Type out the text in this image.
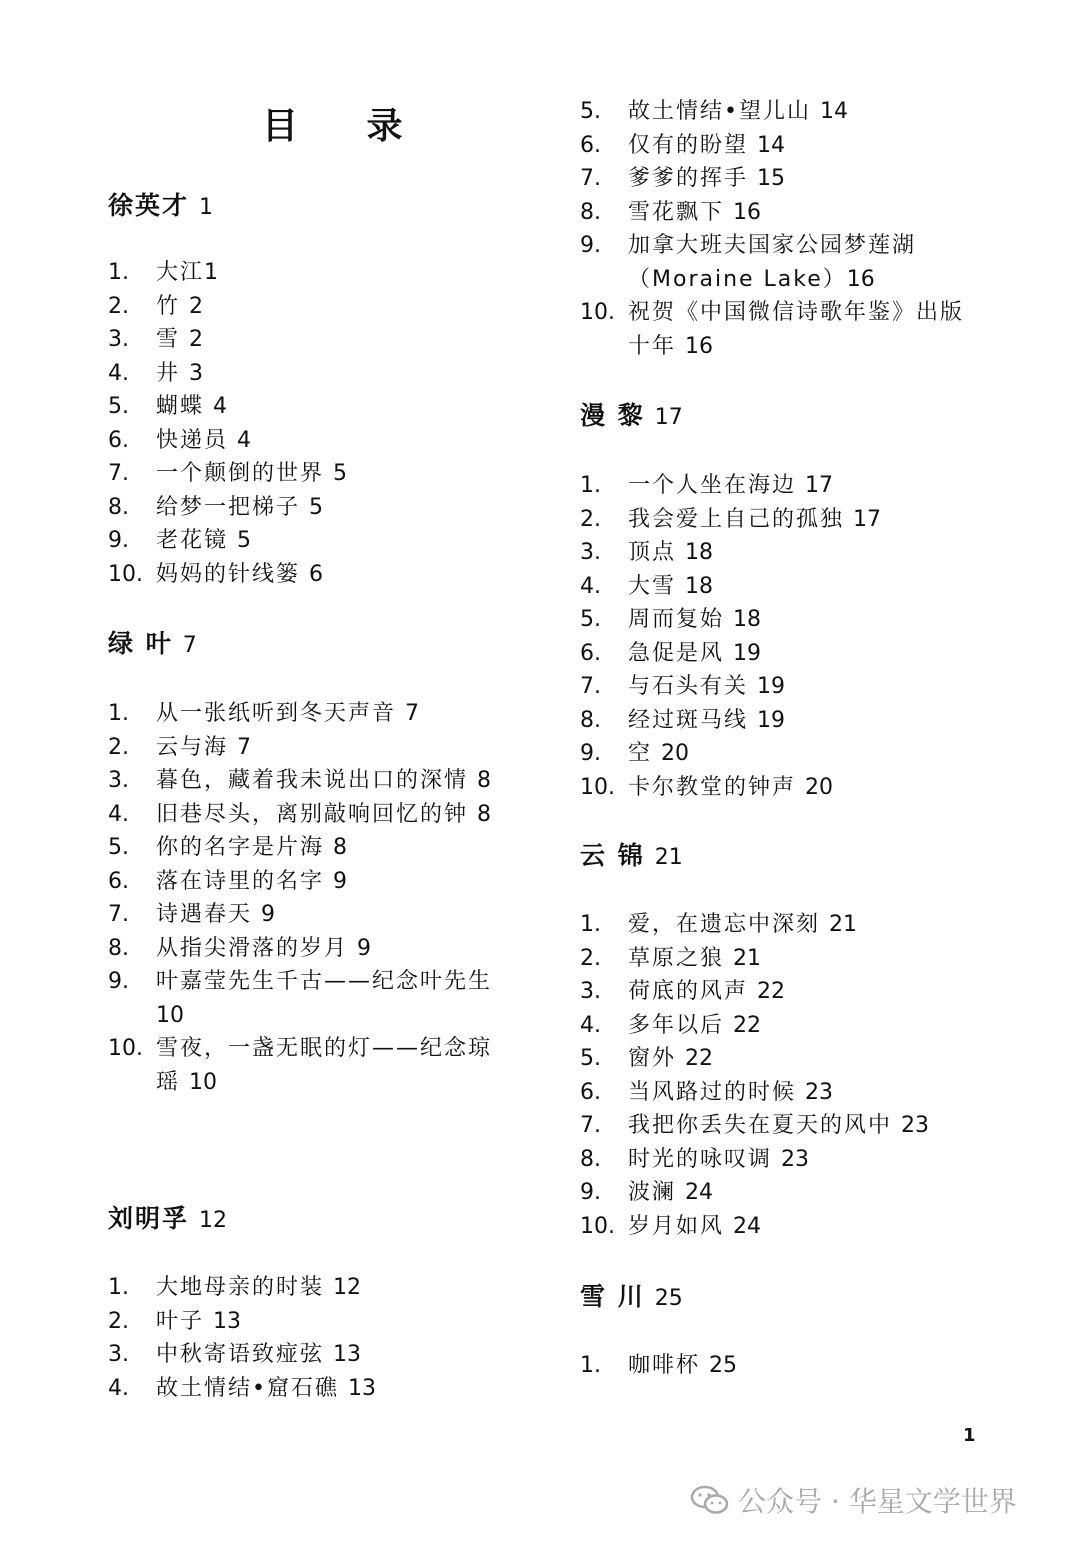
目 录
徐英才 1
1.	大江1
2.	竹 2
3.	雪 2
4.	井 3
5.	蝴蝶 4
6.	快递员 4
7.	一个颠倒的世界 5
8.	给梦一把梯子 5
9.	老花镜 5
10. 妈妈的针线篓 6
绿 叶 7
1.	从一张纸听到冬天声音 7
2.	云与海 7
3.	暮色，藏着我未说出口的深情 8
4.	旧巷尽头，离别敲响回忆的钟 8
5.	你的名字是片海 8
6.	落在诗里的名字 9
7.	诗遇春天 9
8.	从指尖滑落的岁月 9
9.	叶嘉莹先生千古——纪念叶先生 10
10. 雪夜，一盏无眠的灯——纪念琼瑶 10
刘明孚 12
1.	大地母亲的时装 12
2.	叶子 13
3.	中秋寄语致痖弦 13
4.	故土情结•窟石礁 13
5.	故土情结•望儿山 14
6.	仅有的盼望 14
7.	爹爹的挥手 15
8.	雪花飘下 16
9.	加拿大班夫国家公园梦莲湖（Moraine Lake）16
10. 祝贺《中国微信诗歌年鉴》出版十年 16
漫 黎 17
1.	一个人坐在海边 17
2.	我会爱上自己的孤独 17
3.	顶点 18
4.	大雪 18
5.	周而复始 18
6.	急促是风 19
7.	与石头有关 19
8.	经过斑马线 19
9.	空 20
10. 卡尔教堂的钟声 20
云 锦 21
1.	爱，在遗忘中深刻 21
2.	草原之狼 21
3.	荷底的风声 22
4.	多年以后 22
5.	窗外 22
6.	当风路过的时候 23
7.	我把你丢失在夏天的风中 23
8.	时光的咏叹调 23
9.	波澜 24
10. 岁月如风 24
雪 川 25
1.	咖啡杯 25
1
公众号 · 华星文学世界
